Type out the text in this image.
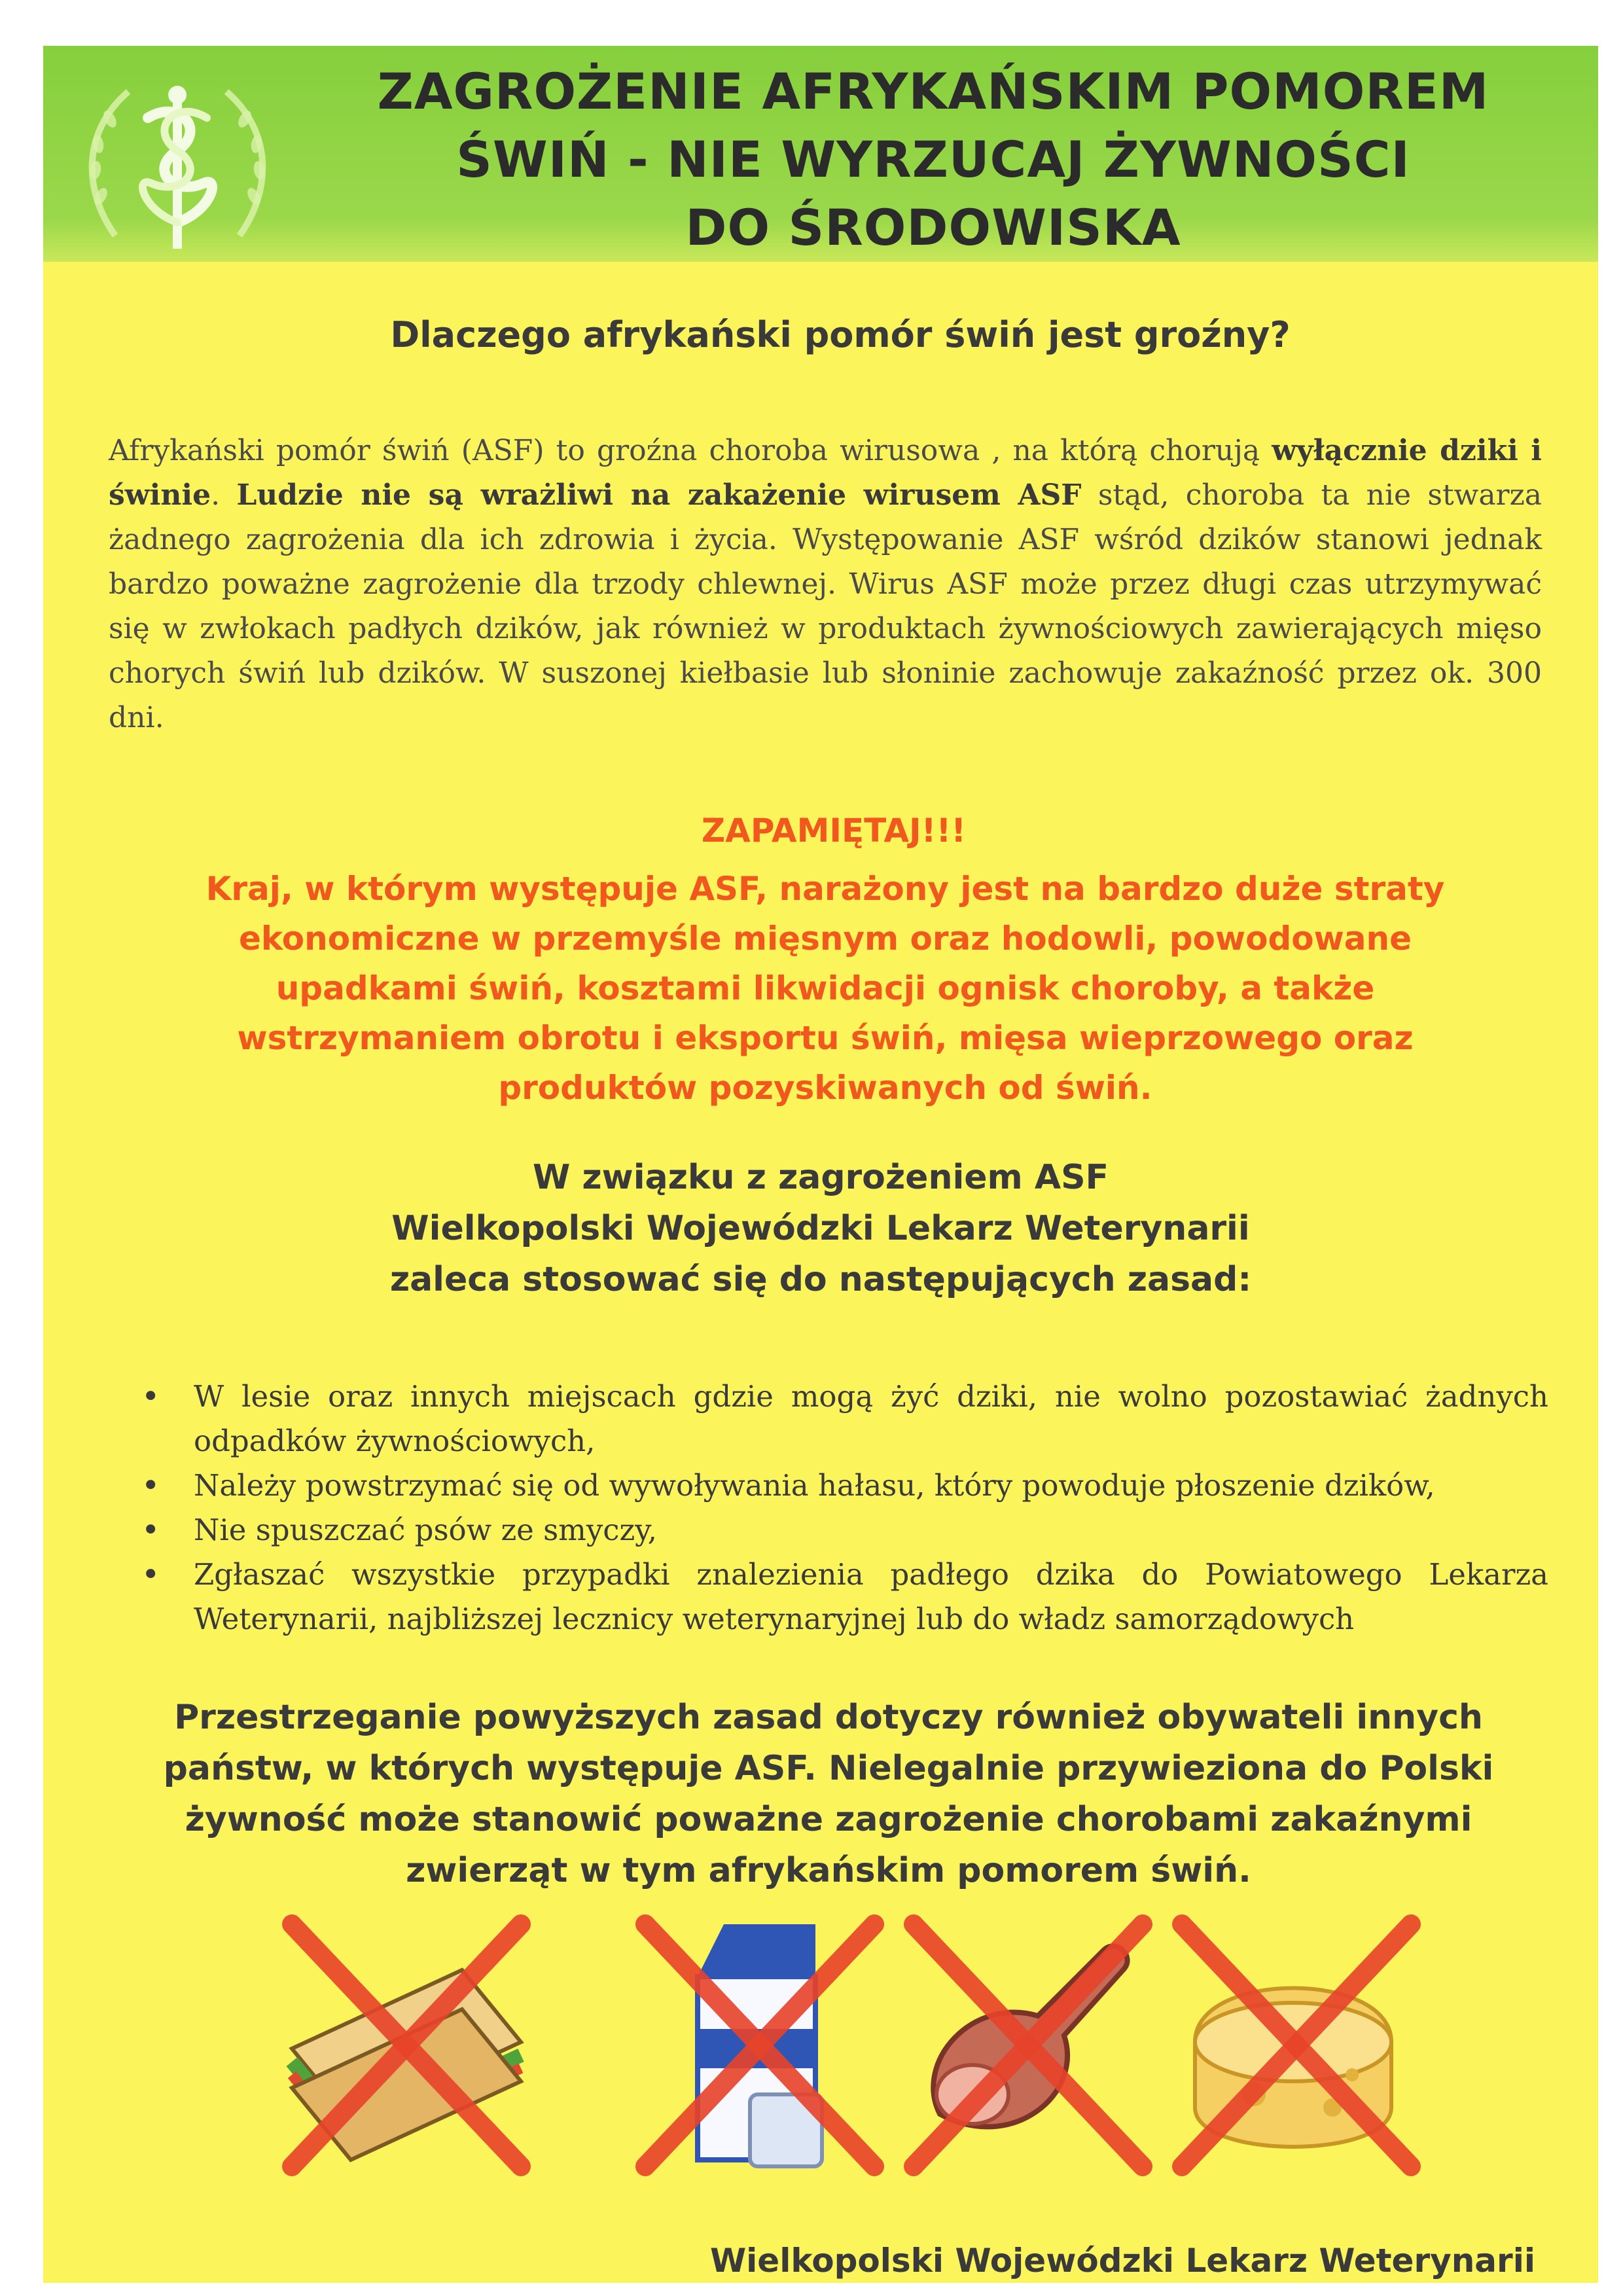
ZAGROŻENIE AFRYKAŃSKIM POMOREM
ŚWIŃ - NIE WYRZUCAJ ŻYWNOŚCI
DO ŚRODOWISKA
Dlaczego afrykański pomór świń jest groźny?
Afrykański pomór świń (ASF) to groźna choroba wirusowa , na którą chorują wyłącznie dziki i świnie. Ludzie nie są wrażliwi na zakażenie wirusem ASF stąd, choroba ta nie stwarza żadnego zagrożenia dla ich zdrowia i życia. Występowanie ASF wśród dzików stanowi jednak bardzo poważne zagrożenie dla trzody chlewnej. Wirus ASF może przez długi czas utrzymywać się w zwłokach padłych dzików, jak również w produktach żywnościowych zawierających mięso chorych świń lub dzików. W suszonej kiełbasie lub słoninie zachowuje zakaźność przez ok. 300 dni.
ZAPAMIĘTAJ!!!
Kraj, w którym występuje ASF, narażony jest na bardzo duże straty
ekonomiczne w przemyśle mięsnym oraz hodowli, powodowane
upadkami świń, kosztami likwidacji ognisk choroby, a także
wstrzymaniem obrotu i eksportu świń, mięsa wieprzowego oraz
produktów pozyskiwanych od świń.
W związku z zagrożeniem ASF
Wielkopolski Wojewódzki Lekarz Weterynarii
zaleca stosować się do następujących zasad:
• W lesie oraz innych miejscach gdzie mogą żyć dziki, nie wolno pozostawiać żadnych odpadków żywnościowych,
• Należy powstrzymać się od wywoływania hałasu, który powoduje płoszenie dzików,
• Nie spuszczać psów ze smyczy,
• Zgłaszać wszystkie przypadki znalezienia padłego dzika do Powiatowego Lekarza Weterynarii, najbliższej lecznicy weterynaryjnej lub do władz samorządowych
Przestrzeganie powyższych zasad dotyczy również obywateli innych
państw, w których występuje ASF. Nielegalnie przywieziona do Polski
żywność może stanowić poważne zagrożenie chorobami zakaźnymi
zwierząt w tym afrykańskim pomorem świń.
Wielkopolski Wojewódzki Lekarz Weterynarii
